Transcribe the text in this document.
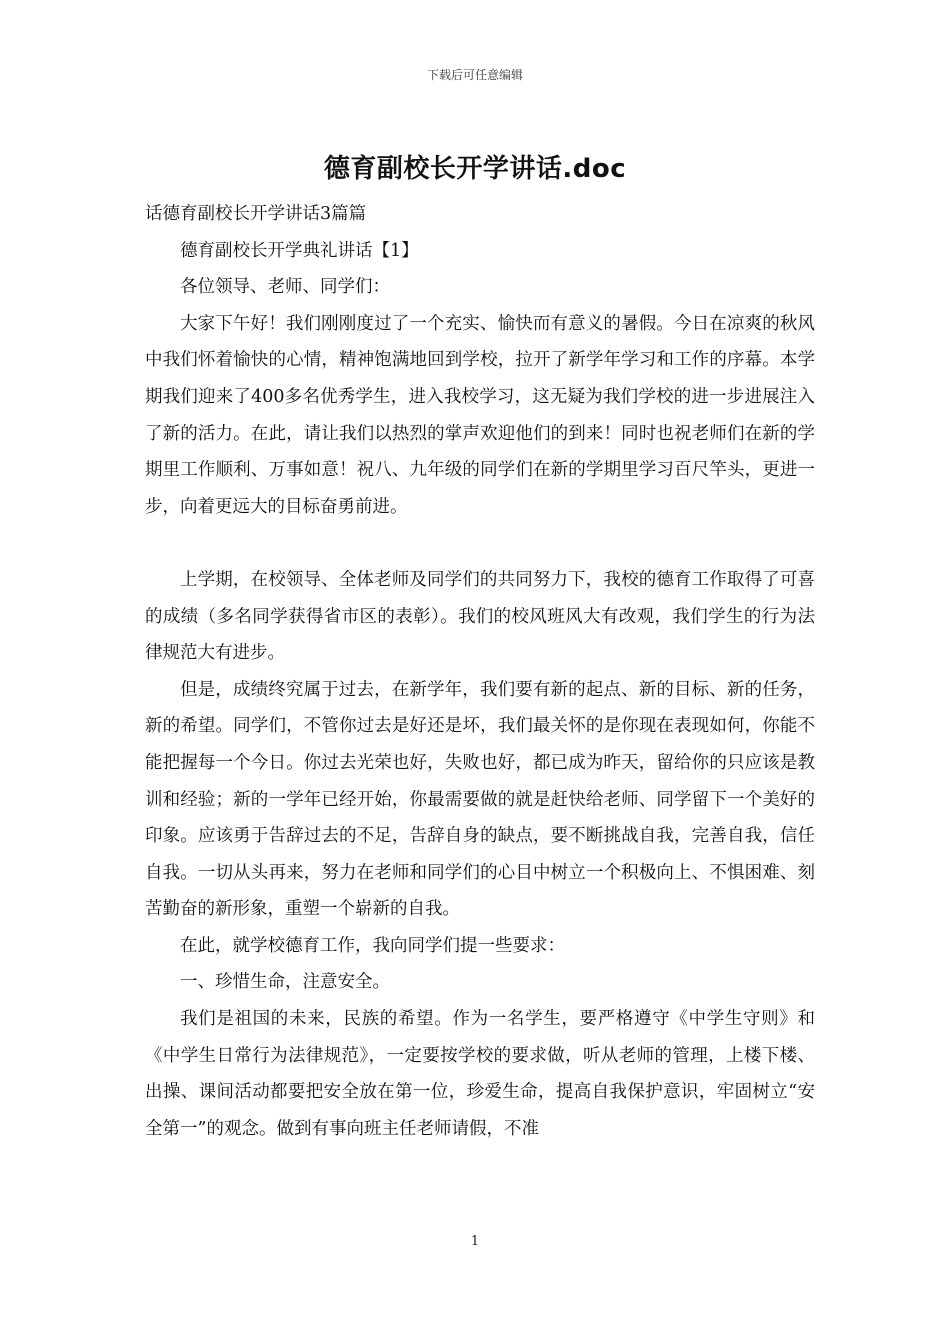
下载后可任意编辑
德育副校长开学讲话.doc

话德育副校长开学讲话3篇篇

德育副校长开学典礼讲话【1】

各位领导、老师、同学们：

大家下午好！我们刚刚度过了一个充实、愉快而有意义的暑假。今日在凉爽的秋风中我们怀着愉快的心情，精神饱满地回到学校，拉开了新学年学习和工作的序幕。本学期我们迎来了400多名优秀学生，进入我校学习，这无疑为我们学校的进一步进展注入了新的活力。在此，请让我们以热烈的掌声欢迎他们的到来！同时也祝老师们在新的学期里工作顺利、万事如意！祝八、九年级的同学们在新的学期里学习百尺竿头，更进一步，向着更远大的目标奋勇前进。

上学期，在校领导、全体老师及同学们的共同努力下，我校的德育工作取得了可喜的成绩（多名同学获得省市区的表彰）。我们的校风班风大有改观，我们学生的行为法律规范大有进步。

但是，成绩终究属于过去，在新学年，我们要有新的起点、新的目标、新的任务，新的希望。同学们，不管你过去是好还是坏，我们最关怀的是你现在表现如何，你能不能把握每一个今日。你过去光荣也好，失败也好，都已成为昨天，留给你的只应该是教训和经验；新的一学年已经开始，你最需要做的就是赶快给老师、同学留下一个美好的印象。应该勇于告辞过去的不足，告辞自身的缺点，要不断挑战自我，完善自我，信任自我。一切从头再来，努力在老师和同学们的心目中树立一个积极向上、不惧困难、刻苦勤奋的新形象，重塑一个崭新的自我。

在此，就学校德育工作，我向同学们提一些要求：

一、珍惜生命，注意安全。

我们是祖国的未来，民族的希望。作为一名学生，要严格遵守《中学生守则》和《中学生日常行为法律规范》，一定要按学校的要求做，听从老师的管理，上楼下楼、出操、课间活动都要把安全放在第一位，珍爱生命，提高自我保护意识，牢固树立“安全第一”的观念。做到有事向班主任老师请假，不准

1
